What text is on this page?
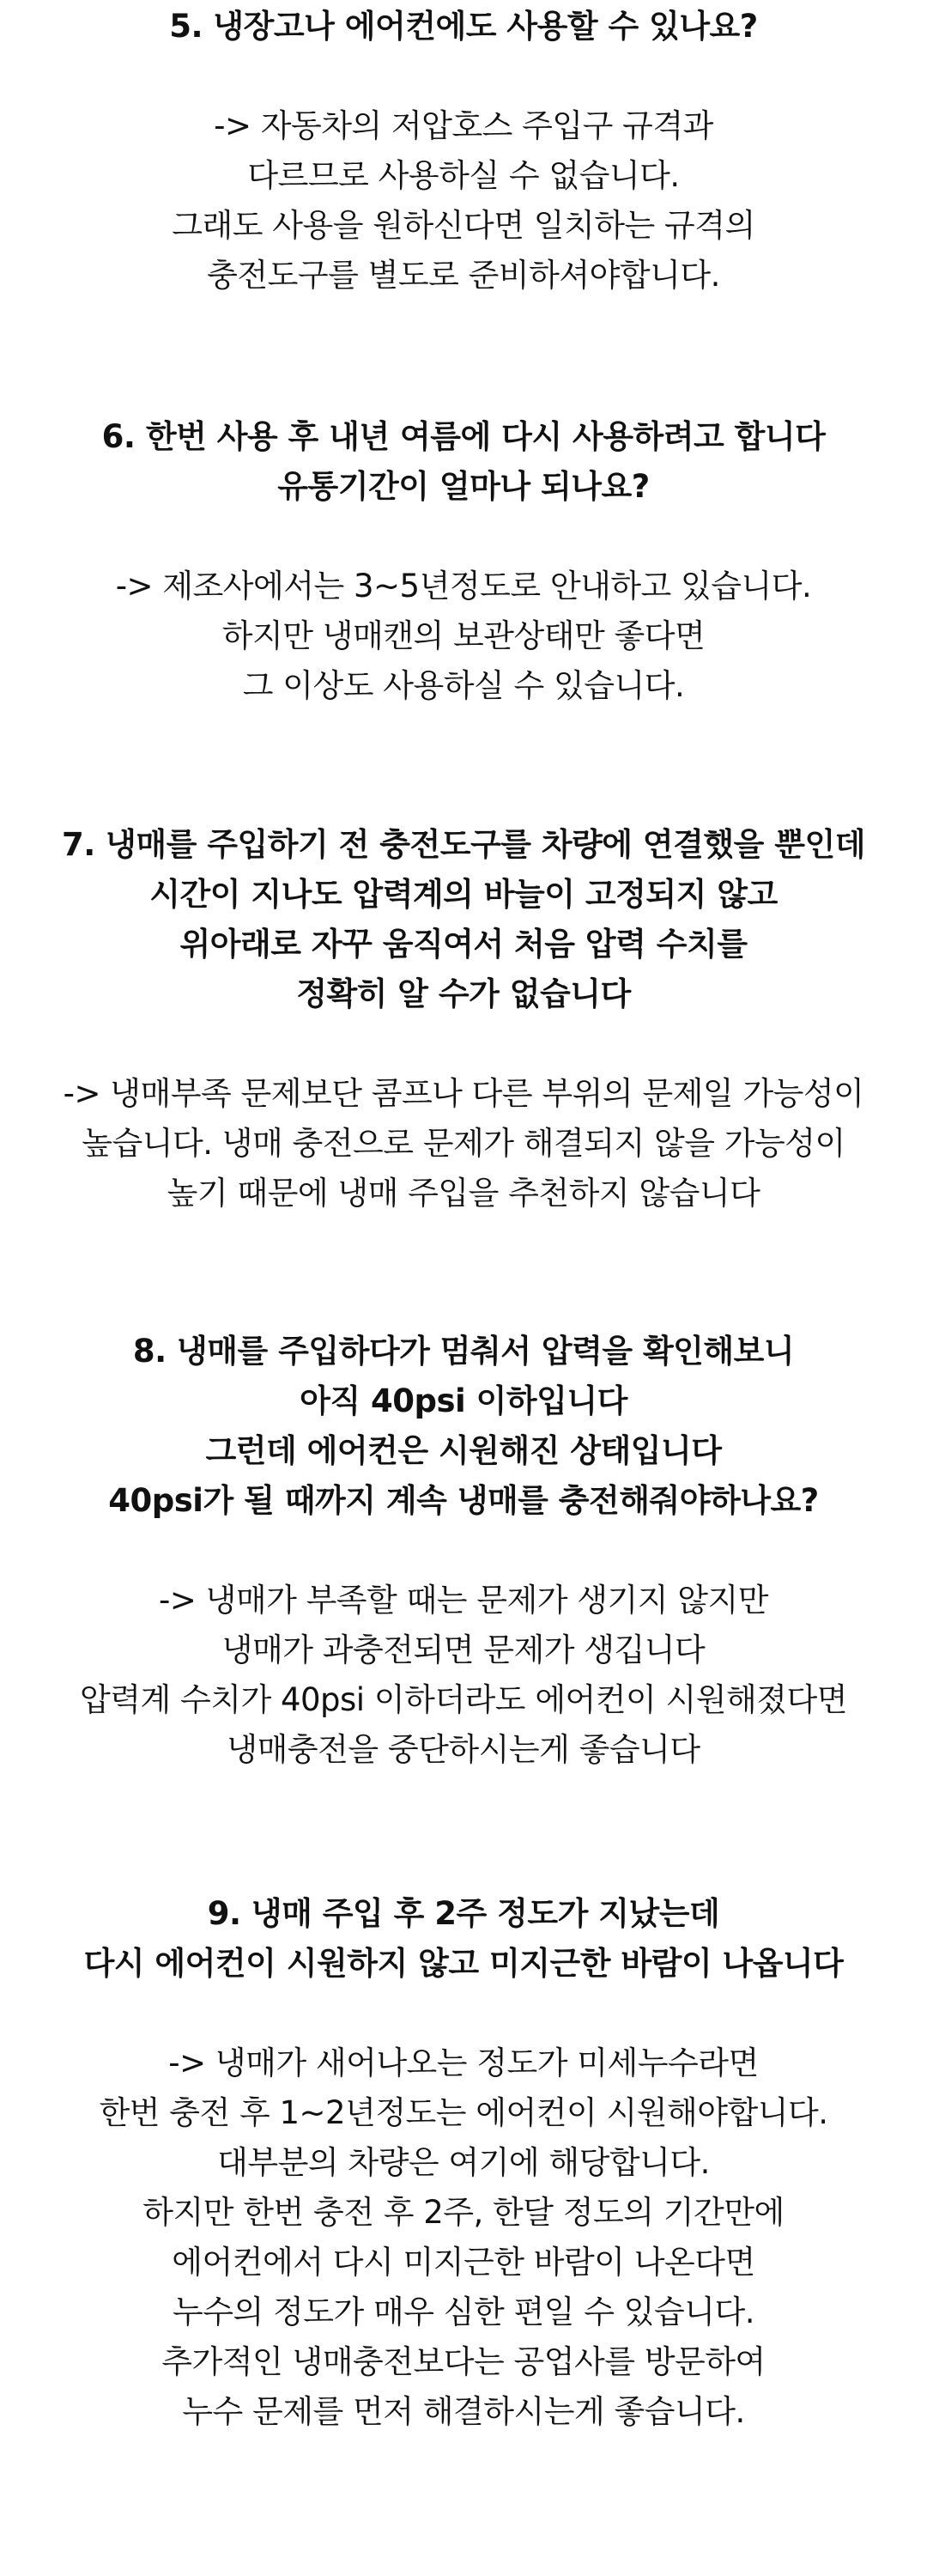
5. 냉장고나 에어컨에도 사용할 수 있나요?
-> 자동차의 저압호스 주입구 규격과
다르므로 사용하실 수 없습니다.
그래도 사용을 원하신다면 일치하는 규격의
충전도구를 별도로 준비하셔야합니다.
6. 한번 사용 후 내년 여름에 다시 사용하려고 합니다
유통기간이 얼마나 되나요?
-> 제조사에서는 3~5년정도로 안내하고 있습니다.
하지만 냉매캔의 보관상태만 좋다면
그 이상도 사용하실 수 있습니다.
7. 냉매를 주입하기 전 충전도구를 차량에 연결했을 뿐인데
시간이 지나도 압력계의 바늘이 고정되지 않고
위아래로 자꾸 움직여서 처음 압력 수치를
정확히 알 수가 없습니다
-> 냉매부족 문제보단 콤프나 다른 부위의 문제일 가능성이
높습니다. 냉매 충전으로 문제가 해결되지 않을 가능성이
높기 때문에 냉매 주입을 추천하지 않습니다
8. 냉매를 주입하다가 멈춰서 압력을 확인해보니
아직 40psi 이하입니다
그런데 에어컨은 시원해진 상태입니다
40psi가 될 때까지 계속 냉매를 충전해줘야하나요?
-> 냉매가 부족할 때는 문제가 생기지 않지만
냉매가 과충전되면 문제가 생깁니다
압력계 수치가 40psi 이하더라도 에어컨이 시원해졌다면
냉매충전을 중단하시는게 좋습니다
9. 냉매 주입 후 2주 정도가 지났는데
다시 에어컨이 시원하지 않고 미지근한 바람이 나옵니다
-> 냉매가 새어나오는 정도가 미세누수라면
한번 충전 후 1~2년정도는 에어컨이 시원해야합니다.
대부분의 차량은 여기에 해당합니다.
하지만 한번 충전 후 2주, 한달 정도의 기간만에
에어컨에서 다시 미지근한 바람이 나온다면
누수의 정도가 매우 심한 편일 수 있습니다.
추가적인 냉매충전보다는 공업사를 방문하여
누수 문제를 먼저 해결하시는게 좋습니다.
